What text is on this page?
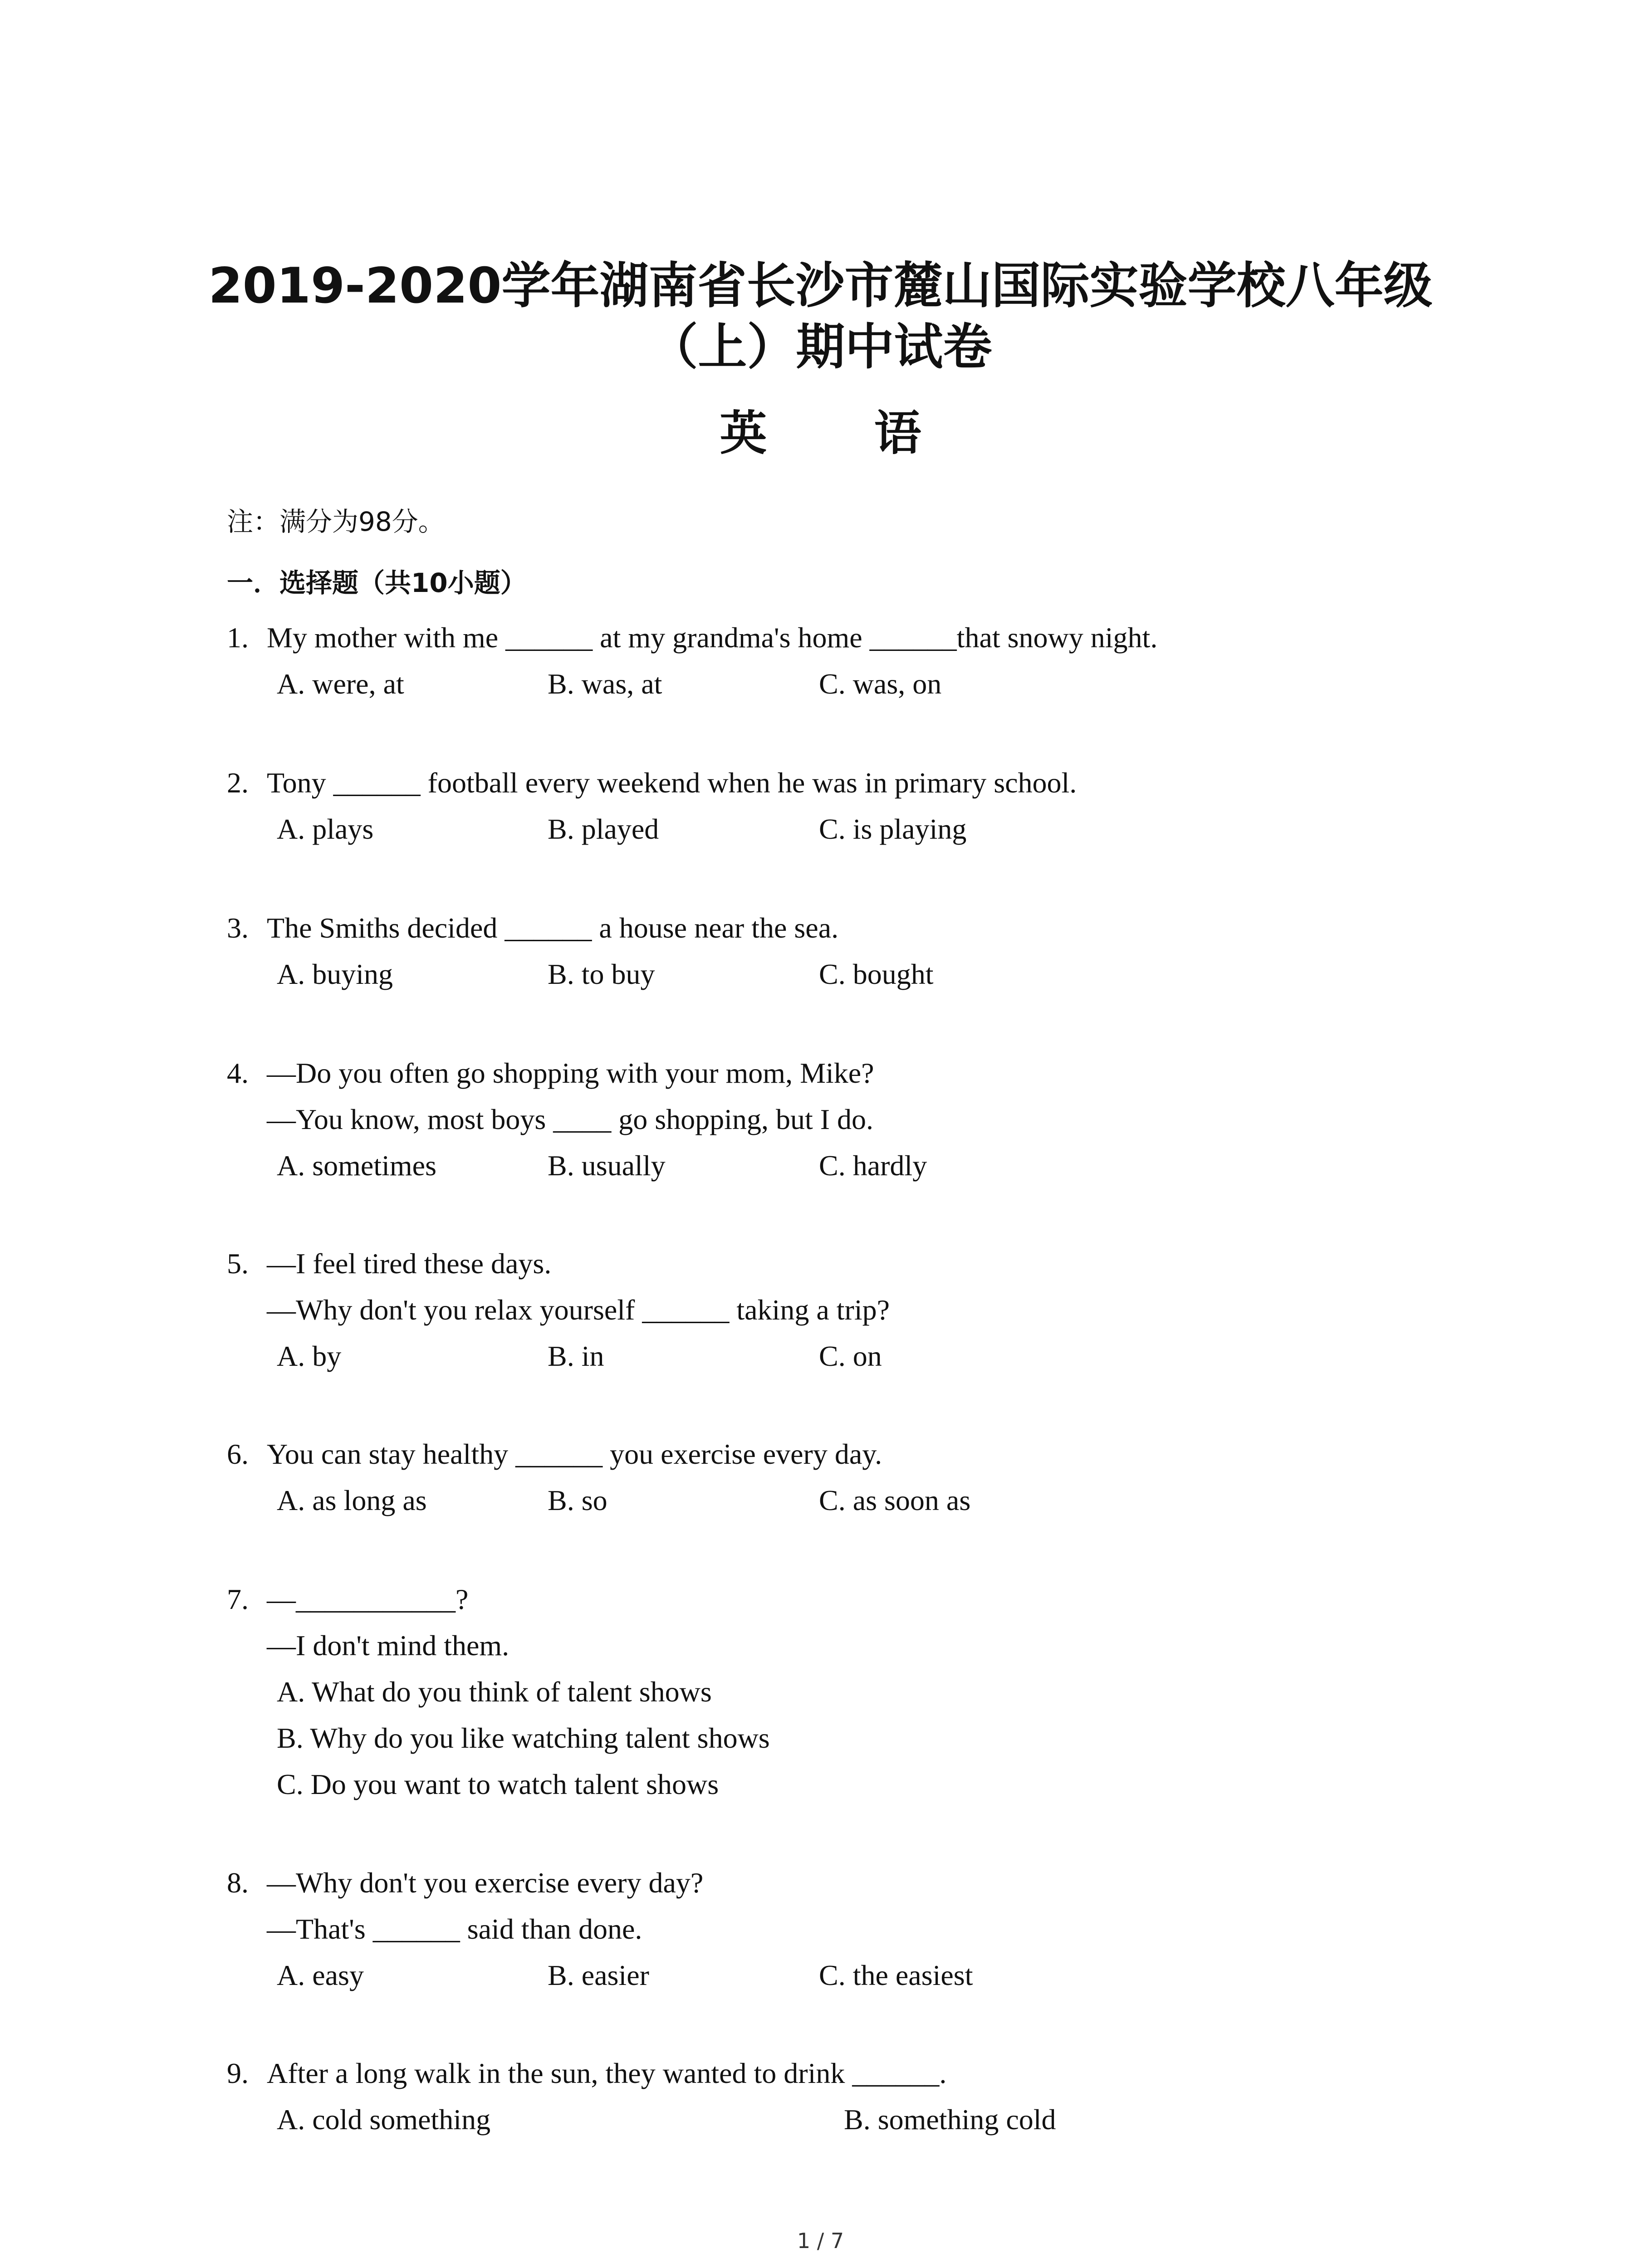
2019-2020学年湖南省长沙市麓山国际实验学校八年级
（上）期中试卷
英 语
注：满分为98分。
一．选择题（共10小题）
1. My mother with me ______ at my grandma's home ______that snowy night.
A. were, at	B. was, at	C. was, on
2. Tony ______ football every weekend when he was in primary school.
A. plays	B. played	C. is playing
3. The Smiths decided ______ a house near the sea.
A. buying	B. to buy	C. bought
4. —Do you often go shopping with your mom, Mike?
—You know, most boys ____ go shopping, but I do.
A. sometimes	B. usually	C. hardly
5. —I feel tired these days.
—Why don't you relax yourself ______ taking a trip?
A. by	B. in	C. on
6. You can stay healthy ______ you exercise every day.
A. as long as	B. so	C. as soon as
7. —___________?
—I don't mind them.
A. What do you think of talent shows
B. Why do you like watching talent shows
C. Do you want to watch talent shows
8. —Why don't you exercise every day?
—That's ______ said than done.
A. easy	B. easier	C. the easiest
9. After a long walk in the sun, they wanted to drink ______.
A. cold something	B. something cold
1 / 7
